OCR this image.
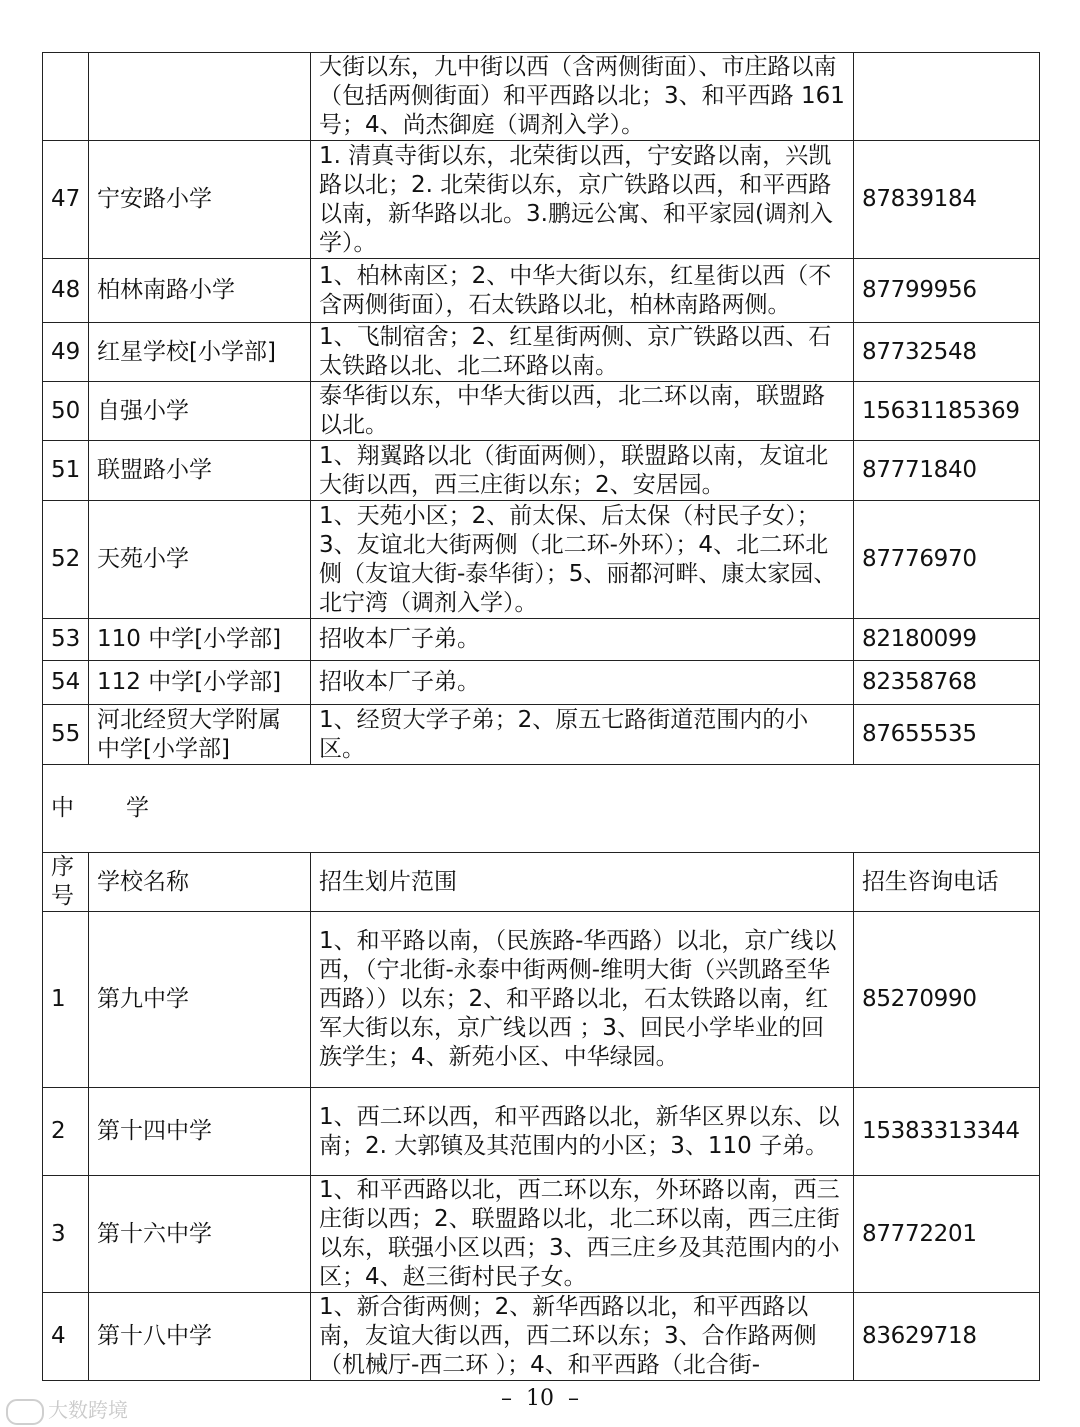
		大街以东，九中街以西（含两侧街面）、市庄路以南（包括两侧街面）和平西路以北；3、和平西路 161 号；4、尚杰御庭（调剂入学）。	
47	宁安路小学	1. 清真寺街以东，北荣街以西，宁安路以南，兴凯路以北；2. 北荣街以东，京广铁路以西，和平西路以南，新华路以北。3.鹏远公寓、和平家园(调剂入学）。	87839184
48	柏林南路小学	1、柏林南区；2、中华大街以东，红星街以西（不含两侧街面），石太铁路以北，柏林南路两侧。	87799956
49	红星学校[小学部]	1、飞制宿舍；2、红星街两侧、京广铁路以西、石太铁路以北、北二环路以南。	87732548
50	自强小学	泰华街以东，中华大街以西，北二环以南，联盟路以北。	15631185369
51	联盟路小学	1、翔翼路以北（街面两侧），联盟路以南，友谊北大街以西，西三庄街以东；2、安居园。	87771840
52	天苑小学	1、天苑小区；2、前太保、后太保（村民子女）；3、友谊北大街两侧（北二环-外环）；4、北二环北侧（友谊大街-泰华街）；5、丽都河畔、康太家园、北宁湾（调剂入学）。	87776970
53	110 中学[小学部]	招收本厂子弟。	82180099
54	112 中学[小学部]	招收本厂子弟。	82358768
55	河北经贸大学附属中学[小学部]	1、经贸大学子弟；2、原五七路街道范围内的小区。	87655535
中 学			
序号	学校名称	招生划片范围	招生咨询电话
1	第九中学	1、和平路以南，（民族路-华西路）以北，京广线以西，（宁北街-永泰中街两侧-维明大街（兴凯路至华西路））以东；2、和平路以北，石太铁路以南，红军大街以东，京广线以西 ；3、回民小学毕业的回族学生；4、新苑小区、中华绿园。	85270990
2	第十四中学	1、西二环以西，和平西路以北，新华区界以东、以南；2. 大郭镇及其范围内的小区；3、110 子弟。	15383313344
3	第十六中学	1、和平西路以北，西二环以东，外环路以南，西三庄街以西；2、联盟路以北，北二环以南，西三庄街以东，联强小区以西；3、西三庄乡及其范围内的小区；4、赵三街村民子女。	87772201
4	第十八中学	1、新合街两侧；2、新华西路以北，和平西路以南，友谊大街以西，西二环以东；3、合作路两侧（机械厅-西二环 ）；4、和平西路（北合街-	83629718
– 10 –
大数跨境
